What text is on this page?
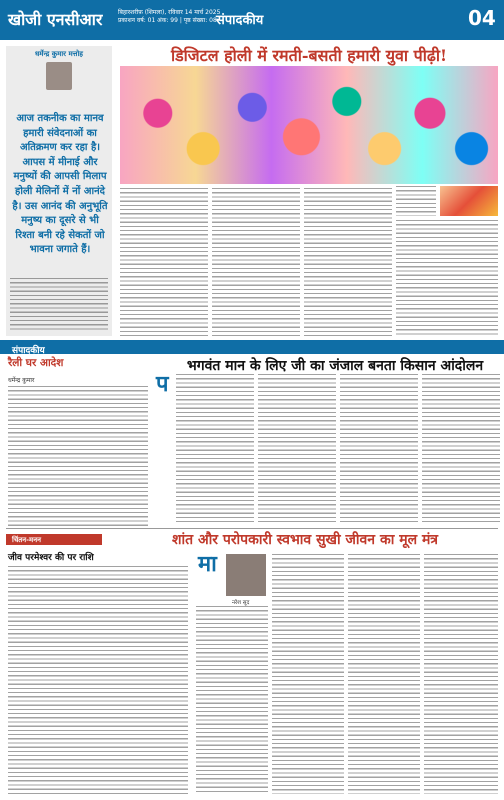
खोजी एनसीआर	बिहारशरीफ़ (शिमला), रविवार 14 मार्च 2025
प्रकाशन वर्ष: 01 अंक: 99 | पृष्ठ संख्या: 08 संपादकीय	04
धर्मेन्द्र कुमार मत्तोह
आज तकनीक का मानव हमारी संवेदनाओं का अतिक्रमण कर रहा है। आपस में मीनाई और मनुष्यों की आपसी मिलाप होली मेलिनों में नों आनंदे है। उस आनंद की अनुभूति मनुष्य का दूसरे से भी रिश्ता बनी रहे सेकतों जो भावना जगाते हैं।
डिजिटल होली में रमती-बसती हमारी युवा पीढ़ी!
संपादकीय
रैली घर आदेश
धर्मेन्द्र कुमार
भगवंत मान के लिए जी का जंजाल बनता किसान आंदोलन
प
चिंतन-मनन
जीव परमेश्वर की पर राशि
शांत और परोपकारी स्वभाव सुखी जीवन का मूल मंत्र
मा
नरेश सूद
